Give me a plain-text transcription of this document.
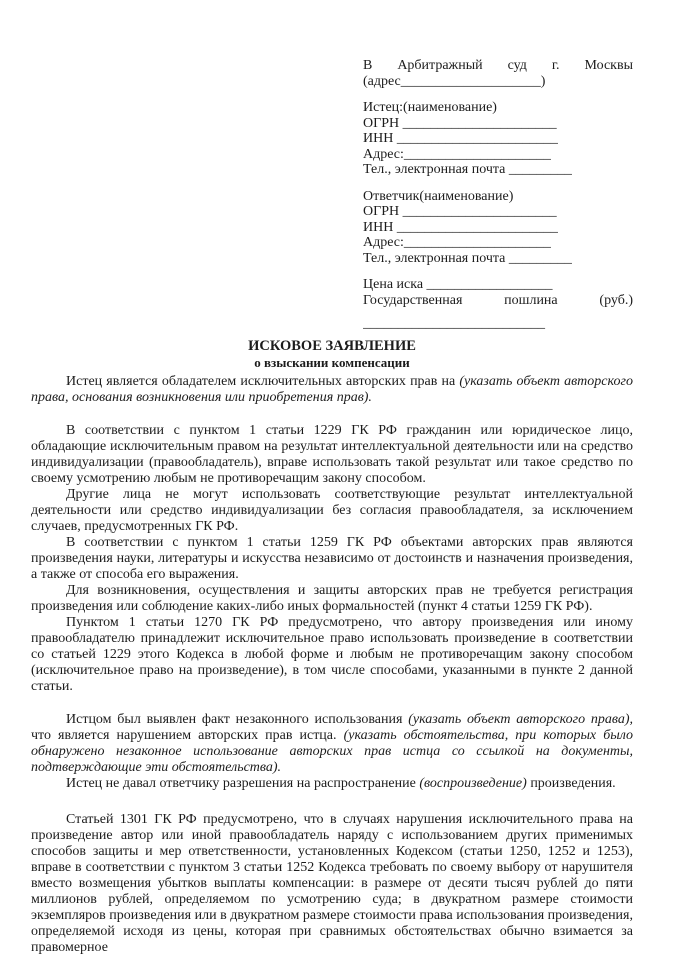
В Арбитражный суд г. Москвы
(адрес____________________)
Истец:(наименование)
ОГРН ______________________
ИНН _______________________
Адрес:_____________________
Тел., электронная почта _________
Ответчик(наименование)
ОГРН ______________________
ИНН _______________________
Адрес:_____________________
Тел., электронная почта _________
Цена иска __________________
Государственная пошлина (руб.)
__________________________
ИСКОВОЕ ЗАЯВЛЕНИЕ
о взыскании компенсации

Истец является обладателем исключительных авторских прав на (указать объект авторского права, основания возникновения или приобретения прав).

В соответствии с пунктом 1 статьи 1229 ГК РФ гражданин или юридическое лицо, обладающие исключительным правом на результат интеллектуальной деятельности или на средство индивидуализации (правообладатель), вправе использовать такой результат или такое средство по своему усмотрению любым не противоречащим закону способом.

Другие лица не могут использовать соответствующие результат интеллектуальной деятельности или средство индивидуализации без согласия правообладателя, за исключением случаев, предусмотренных ГК РФ.

В соответствии с пунктом 1 статьи 1259 ГК РФ объектами авторских прав являются произведения науки, литературы и искусства независимо от достоинств и назначения произведения, а также от способа его выражения.

Для возникновения, осуществления и защиты авторских прав не требуется регистрация произведения или соблюдение каких-либо иных формальностей (пункт 4 статьи 1259 ГК РФ).

Пунктом 1 статьи 1270 ГК РФ предусмотрено, что автору произведения или иному правообладателю принадлежит исключительное право использовать произведение в соответствии со статьей 1229 этого Кодекса в любой форме и любым не противоречащим закону способом (исключительное право на произведение), в том числе способами, указанными в пункте 2 данной статьи.

Истцом был выявлен факт незаконного использования (указать объект авторского права), что является нарушением авторских прав истца. (указать обстоятельства, при которых было обнаружено незаконное использование авторских прав истца со ссылкой на документы, подтверждающие эти обстоятельства).

Истец не давал ответчику разрешения на распространение (воспроизведение) произведения.

Статьей 1301 ГК РФ предусмотрено, что в случаях нарушения исключительного права на произведение автор или иной правообладатель наряду с использованием других применимых способов защиты и мер ответственности, установленных Кодексом (статьи 1250, 1252 и 1253), вправе в соответствии с пунктом 3 статьи 1252 Кодекса требовать по своему выбору от нарушителя вместо возмещения убытков выплаты компенсации: в размере от десяти тысяч рублей до пяти миллионов рублей, определяемом по усмотрению суда; в двукратном размере стоимости экземпляров произведения или в двукратном размере стоимости права использования произведения, определяемой исходя из цены, которая при сравнимых обстоятельствах обычно взимается за правомерное
